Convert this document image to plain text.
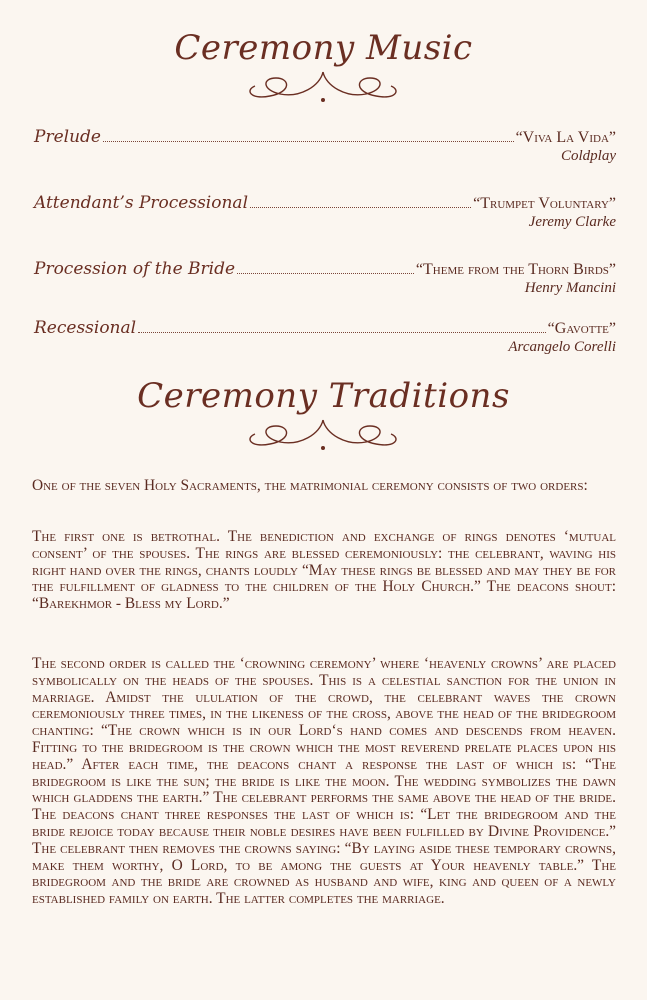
Ceremony Music
Prelude	“Viva La Vida”
Coldplay
Attendant’s Processional	“Trumpet Voluntary”
Jeremy Clarke
Procession of the Bride	“Theme from the Thorn Birds”
Henry Mancini
Recessional	“Gavotte”
Arcangelo Corelli
Ceremony Traditions
One of the seven Holy Sacraments, the matrimonial ceremony consists of two orders:
The first one is betrothal. The benediction and exchange of rings denotes ‘mutual consent’ of the spouses. The rings are blessed ceremoniously: the celebrant, waving his right hand over the rings, chants loudly “May these rings be blessed and may they be for the fulfillment of gladness to the children of the Holy Church.” The deacons shout: “Barekhmor - Bless my Lord.”
The second order is called the ‘crowning ceremony’ where ‘heavenly crowns’ are placed symbolically on the heads of the spouses. This is a celestial sanction for the union in marriage. Amidst the ululation of the crowd, the celebrant waves the crown ceremoniously three times, in the likeness of the cross, above the head of the bridegroom chanting: “The crown which is in our Lord‘s hand comes and descends from heaven. Fitting to the bridegroom is the crown which the most reverend prelate places upon his head.” After each time, the deacons chant a response the last of which is: “The bridegroom is like the sun; the bride is like the moon. The wedding symbolizes the dawn which gladdens the earth.” The celebrant performs the same above the head of the bride. The deacons chant three responses the last of which is: “Let the bridegroom and the bride rejoice today because their noble desires have been fulfilled by Divine Providence.” The celebrant then removes the crowns saying: “By laying aside these temporary crowns, make them worthy, O Lord, to be among the guests at Your heavenly table.” The bridegroom and the bride are crowned as husband and wife, king and queen of a newly established family on earth. The latter completes the marriage.
